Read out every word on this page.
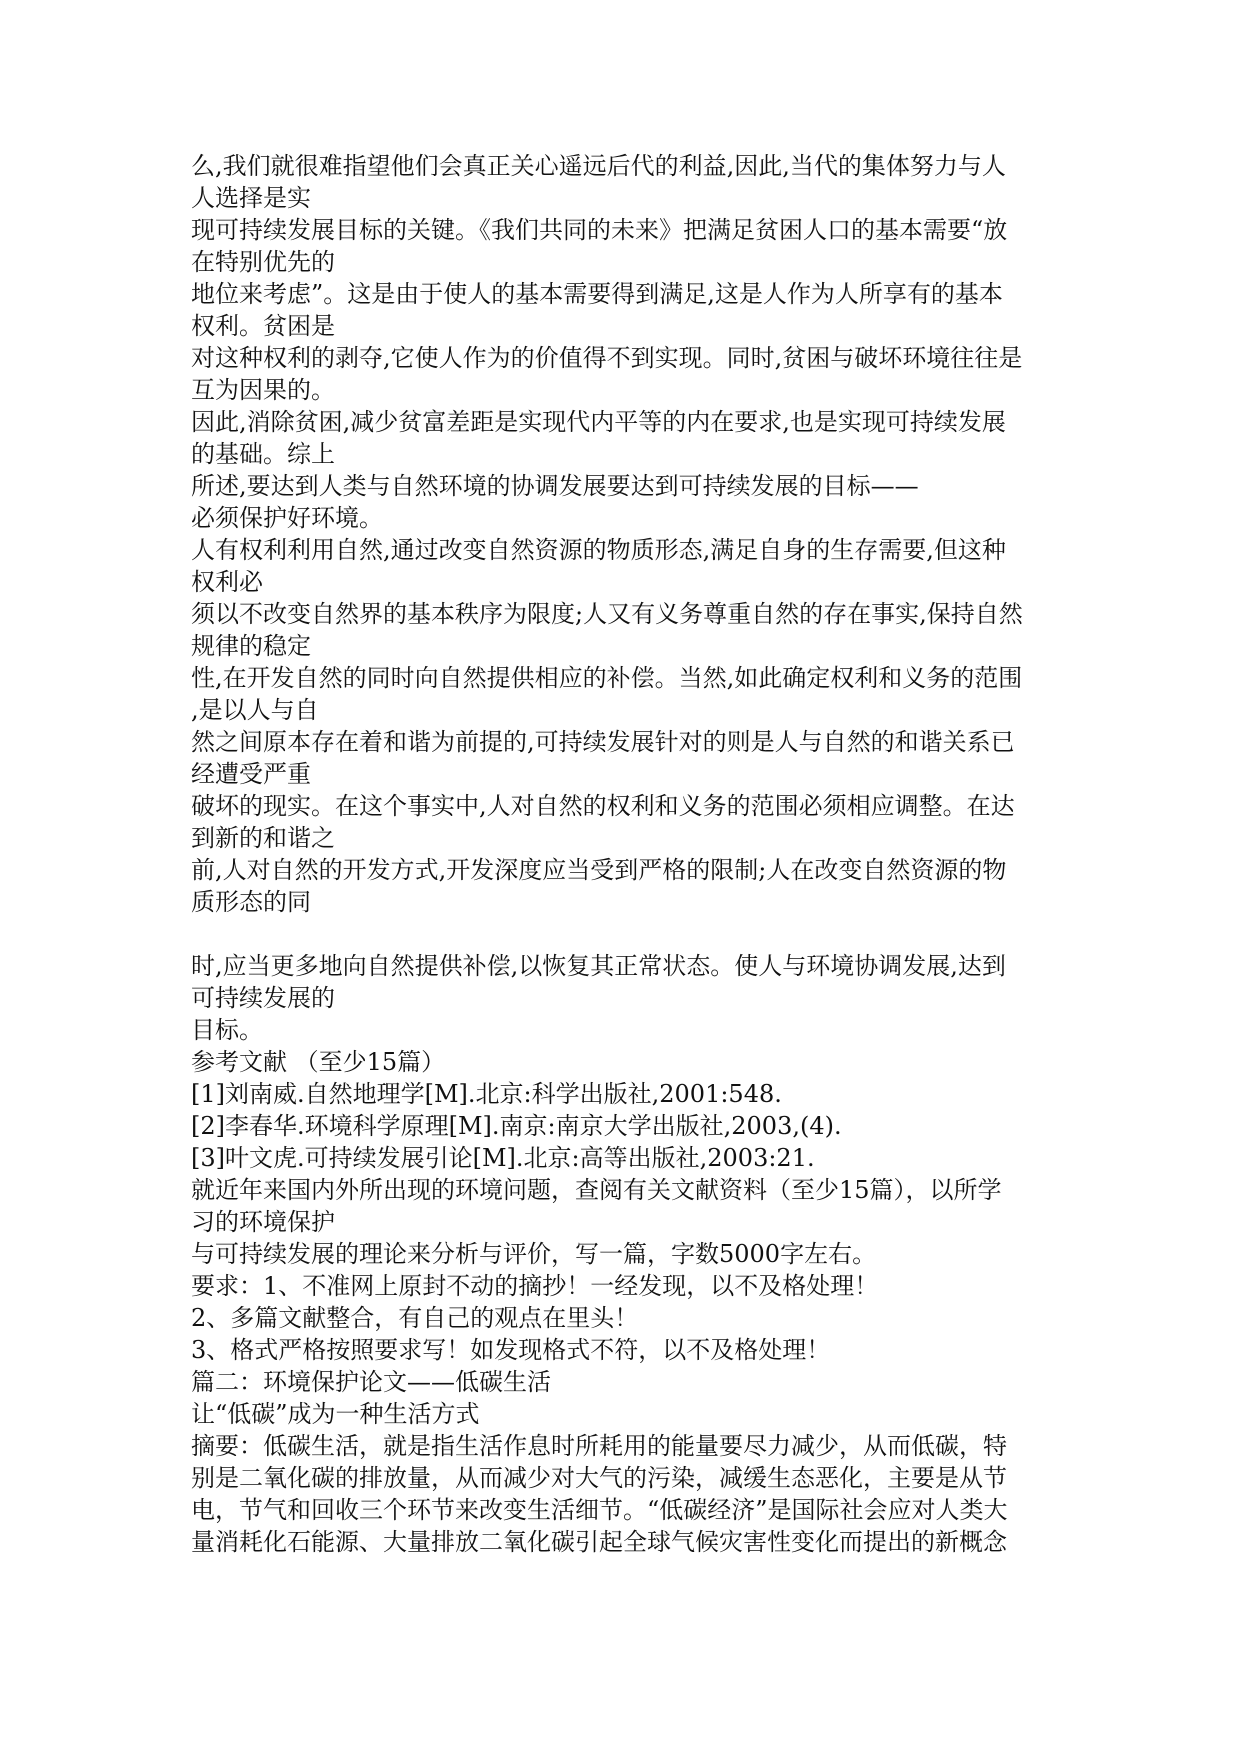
么,我们就很难指望他们会真正关心遥远后代的利益,因此,当代的集体努力与人

人选择是实

现可持续发展目标的关键。《我们共同的未来》把满足贫困人口的基本需要“放

在特别优先的

地位来考虑”。这是由于使人的基本需要得到满足,这是人作为人所享有的基本

权利。贫困是

对这种权利的剥夺,它使人作为的价值得不到实现。同时,贫困与破坏环境往往是

互为因果的。

因此,消除贫困,减少贫富差距是实现代内平等的内在要求,也是实现可持续发展

的基础。综上

所述,要达到人类与自然环境的协调发展要达到可持续发展的目标——

必须保护好环境。

人有权利利用自然,通过改变自然资源的物质形态,满足自身的生存需要,但这种

权利必

须以不改变自然界的基本秩序为限度;人又有义务尊重自然的存在事实,保持自然

规律的稳定

性,在开发自然的同时向自然提供相应的补偿。当然,如此确定权利和义务的范围

,是以人与自

然之间原本存在着和谐为前提的,可持续发展针对的则是人与自然的和谐关系已

经遭受严重

破坏的现实。在这个事实中,人对自然的权利和义务的范围必须相应调整。在达

到新的和谐之

前,人对自然的开发方式,开发深度应当受到严格的限制;人在改变自然资源的物

质形态的同

时,应当更多地向自然提供补偿,以恢复其正常状态。使人与环境协调发展,达到

可持续发展的

目标。

参考文献 （至少15篇）

[1]刘南威.自然地理学[M].北京:科学出版社,2001:548.

[2]李春华.环境科学原理[M].南京:南京大学出版社,2003,(4).

[3]叶文虎.可持续发展引论[M].北京:高等出版社,2003:21.

就近年来国内外所出现的环境问题，查阅有关文献资料（至少15篇），以所学

习的环境保护

与可持续发展的理论来分析与评价，写一篇，字数5000字左右。

要求：1、不准网上原封不动的摘抄！一经发现，以不及格处理！

2、多篇文献整合，有自己的观点在里头！

3、格式严格按照要求写！如发现格式不符，以不及格处理！

篇二：环境保护论文——低碳生活

让“低碳”成为一种生活方式

摘要：低碳生活，就是指生活作息时所耗用的能量要尽力减少，从而低碳，特

别是二氧化碳的排放量，从而减少对大气的污染，减缓生态恶化，主要是从节

电，节气和回收三个环节来改变生活细节。“低碳经济”是国际社会应对人类大

量消耗化石能源、大量排放二氧化碳引起全球气候灾害性变化而提出的新概念
